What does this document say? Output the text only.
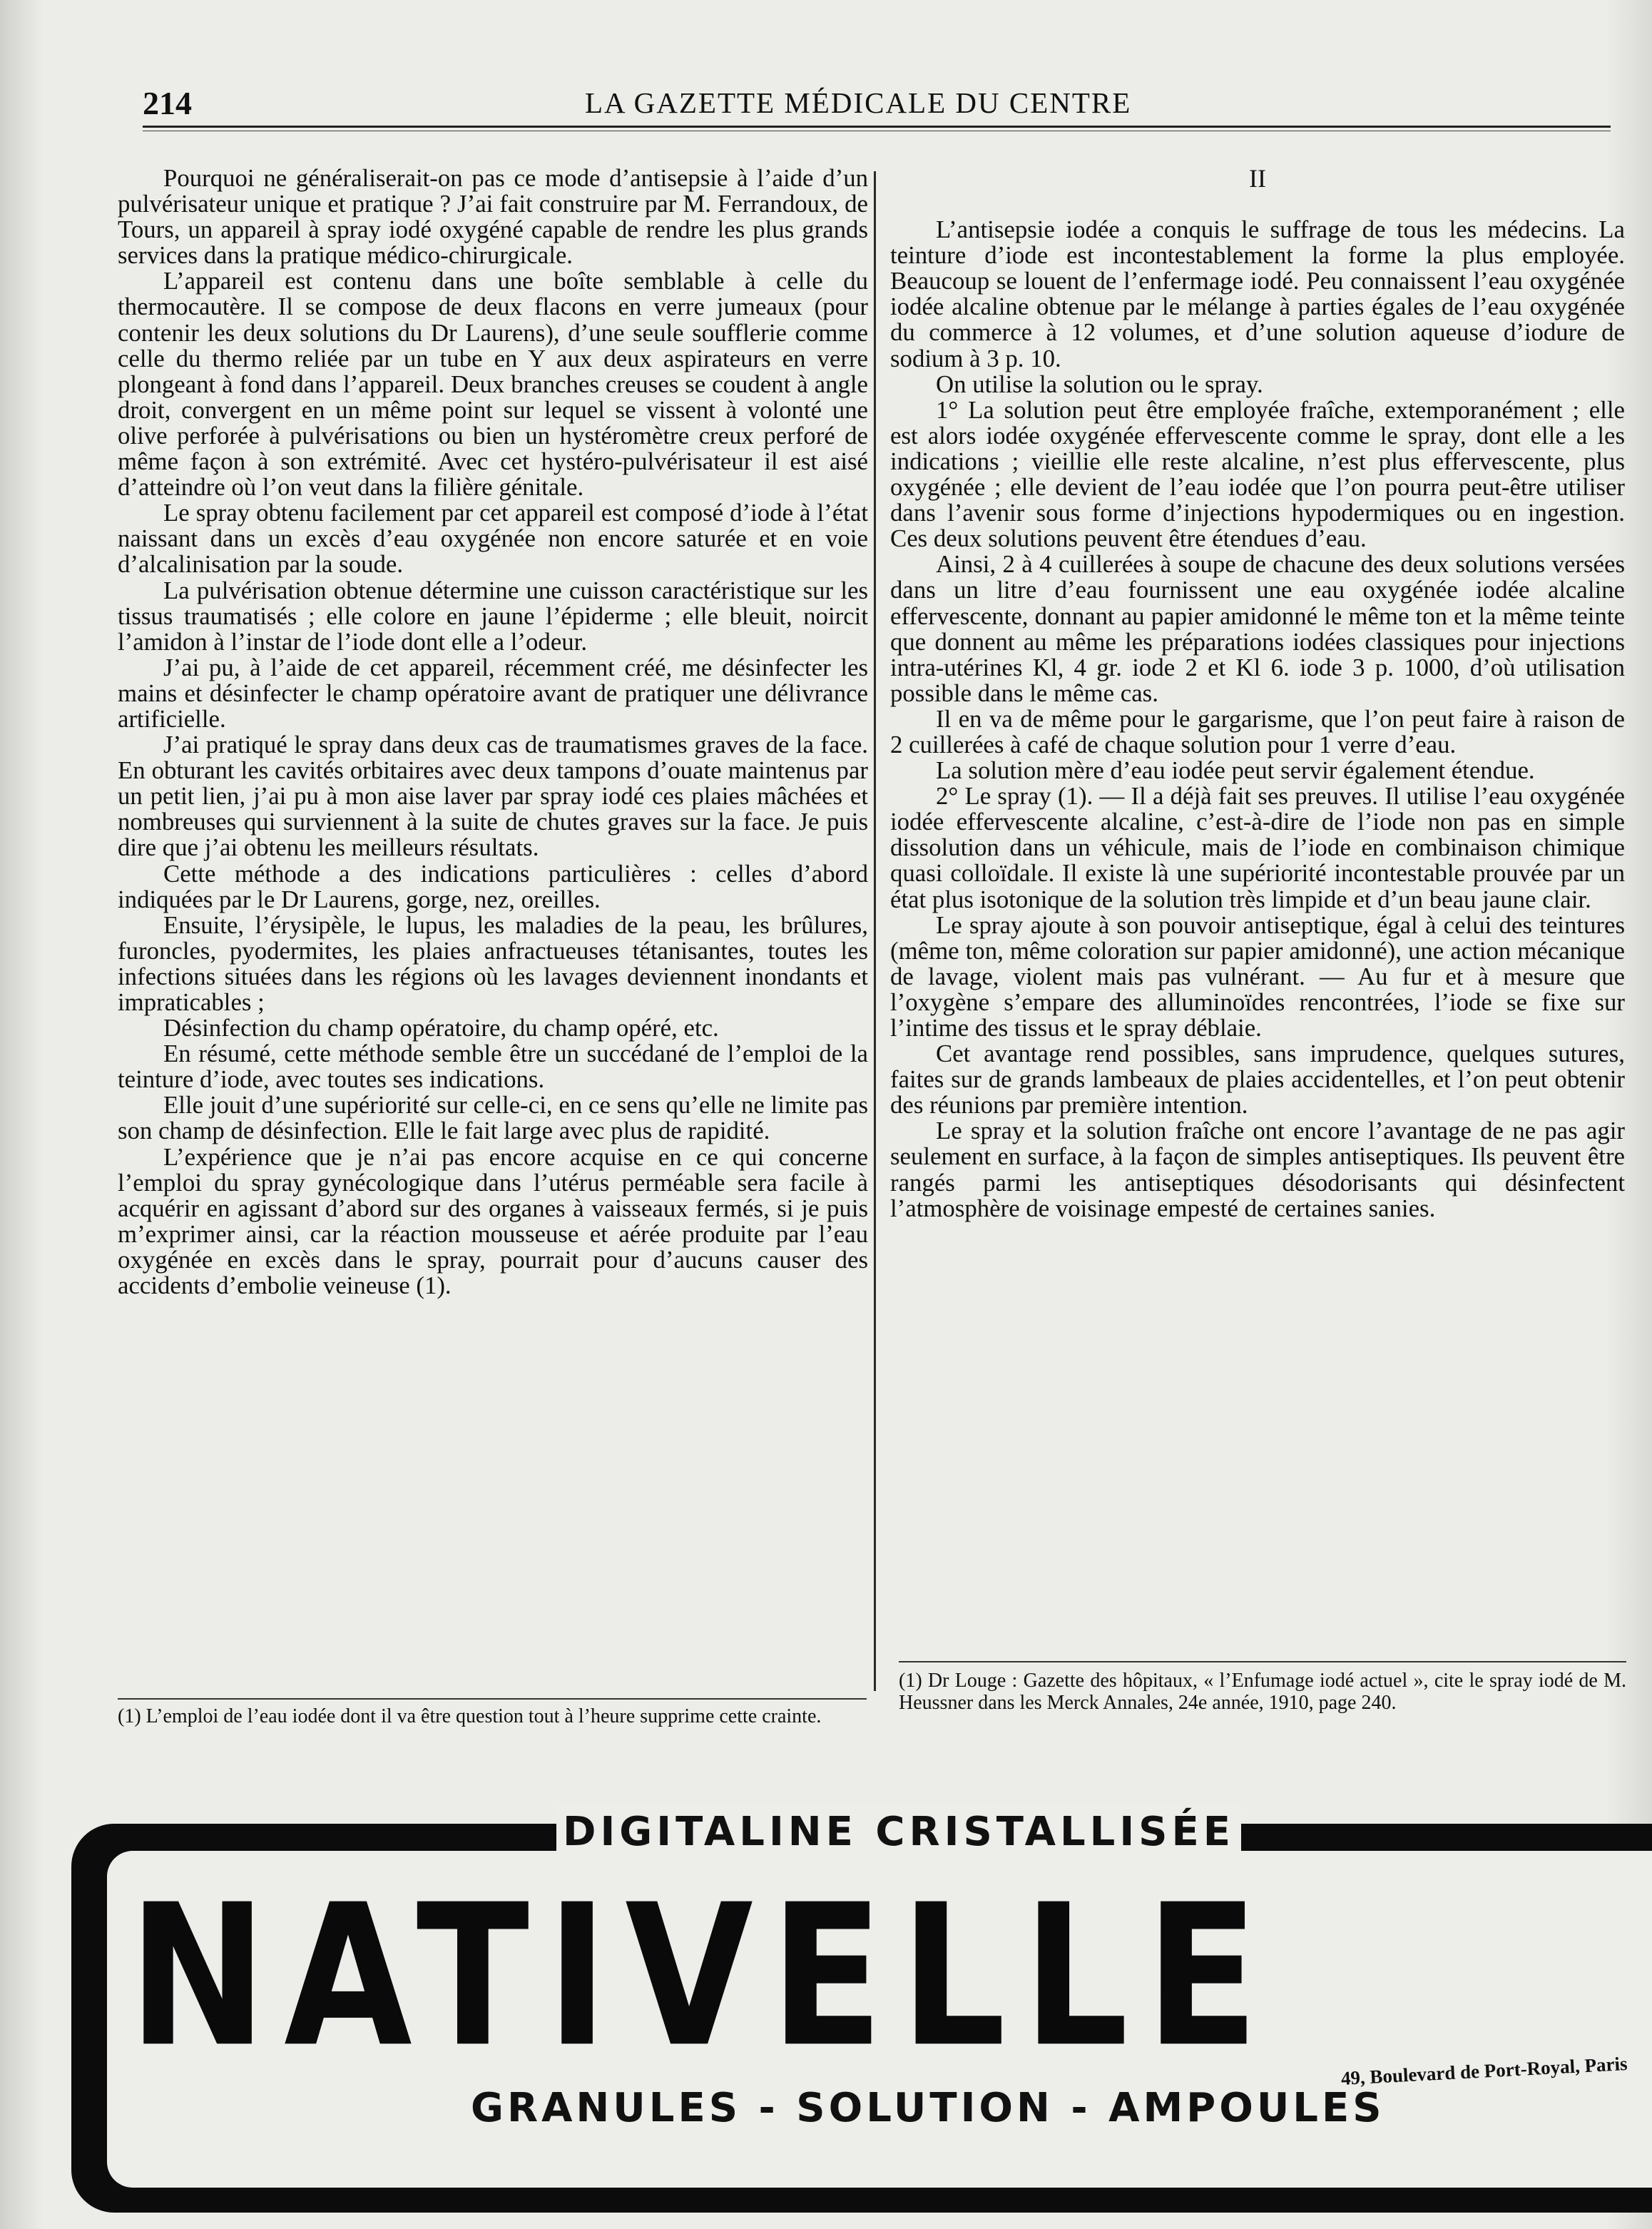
214	LA GAZETTE MÉDICALE DU CENTRE

Pourquoi ne généraliserait-on pas ce mode d’antisepsie à l’aide d’un pulvérisateur unique et pratique ? J’ai fait construire par M. Ferrandoux, de Tours, un appareil à spray iodé oxygéné capable de rendre les plus grands services dans la pratique médico-chirurgicale.

L’appareil est contenu dans une boîte semblable à celle du thermocautère. Il se compose de deux flacons en verre jumeaux (pour contenir les deux solutions du Dr Laurens), d’une seule soufflerie comme celle du thermo reliée par un tube en Y aux deux aspirateurs en verre plongeant à fond dans l’appareil. Deux branches creuses se coudent à angle droit, convergent en un même point sur lequel se vissent à volonté une olive perforée à pulvérisations ou bien un hystéromètre creux perforé de même façon à son extrémité. Avec cet hystéro-pulvérisateur il est aisé d’atteindre où l’on veut dans la filière génitale.

Le spray obtenu facilement par cet appareil est composé d’iode à l’état naissant dans un excès d’eau oxygénée non encore saturée et en voie d’alcalinisation par la soude.

La pulvérisation obtenue détermine une cuisson caractéristique sur les tissus traumatisés ; elle colore en jaune l’épiderme ; elle bleuit, noircit l’amidon à l’instar de l’iode dont elle a l’odeur.

J’ai pu, à l’aide de cet appareil, récemment créé, me désinfecter les mains et désinfecter le champ opératoire avant de pratiquer une délivrance artificielle.

J’ai pratiqué le spray dans deux cas de traumatismes graves de la face. En obturant les cavités orbitaires avec deux tampons d’ouate maintenus par un petit lien, j’ai pu à mon aise laver par spray iodé ces plaies mâchées et nombreuses qui surviennent à la suite de chutes graves sur la face. Je puis dire que j’ai obtenu les meilleurs résultats.

Cette méthode a des indications particulières : celles d’abord indiquées par le Dr Laurens, gorge, nez, oreilles.

Ensuite, l’érysipèle, le lupus, les maladies de la peau, les brûlures, furoncles, pyodermites, les plaies anfractueuses tétanisantes, toutes les infections situées dans les régions où les lavages deviennent inondants et impraticables ;

Désinfection du champ opératoire, du champ opéré, etc.

En résumé, cette méthode semble être un succédané de l’emploi de la teinture d’iode, avec toutes ses indications.

Elle jouit d’une supériorité sur celle-ci, en ce sens qu’elle ne limite pas son champ de désinfection. Elle le fait large avec plus de rapidité.

L’expérience que je n’ai pas encore acquise en ce qui concerne l’emploi du spray gynécologique dans l’utérus perméable sera facile à acquérir en agissant d’abord sur des organes à vaisseaux fermés, si je puis m’exprimer ainsi, car la réaction mousseuse et aérée produite par l’eau oxygénée en excès dans le spray, pourrait pour d’aucuns causer des accidents d’embolie veineuse (1).

II

L’antisepsie iodée a conquis le suffrage de tous les médecins. La teinture d’iode est incontestablement la forme la plus employée. Beaucoup se louent de l’enfermage iodé. Peu connaissent l’eau oxygénée iodée alcaline obtenue par le mélange à parties égales de l’eau oxygénée du commerce à 12 volumes, et d’une solution aqueuse d’iodure de sodium à 3 p. 10.

On utilise la solution ou le spray.

1° La solution peut être employée fraîche, extemporanément ; elle est alors iodée oxygénée effervescente comme le spray, dont elle a les indications ; vieillie elle reste alcaline, n’est plus effervescente, plus oxygénée ; elle devient de l’eau iodée que l’on pourra peut-être utiliser dans l’avenir sous forme d’injections hypodermiques ou en ingestion. Ces deux solutions peuvent être étendues d’eau.

Ainsi, 2 à 4 cuillerées à soupe de chacune des deux solutions versées dans un litre d’eau fournissent une eau oxygénée iodée alcaline effervescente, donnant au papier amidonné le même ton et la même teinte que donnent au même les préparations iodées classiques pour injections intra-utérines Kl, 4 gr. iode 2 et Kl 6. iode 3 p. 1000, d’où utilisation possible dans le même cas.

Il en va de même pour le gargarisme, que l’on peut faire à raison de 2 cuillerées à café de chaque solution pour 1 verre d’eau.

La solution mère d’eau iodée peut servir également étendue.

2° Le spray (1). — Il a déjà fait ses preuves. Il utilise l’eau oxygénée iodée effervescente alcaline, c’est-à-dire de l’iode non pas en simple dissolution dans un véhicule, mais de l’iode en combinaison chimique quasi colloïdale. Il existe là une supériorité incontestable prouvée par un état plus isotonique de la solution très limpide et d’un beau jaune clair.

Le spray ajoute à son pouvoir antiseptique, égal à celui des teintures (même ton, même coloration sur papier amidonné), une action mécanique de lavage, violent mais pas vulnérant. — Au fur et à mesure que l’oxygène s’empare des alluminoïdes rencontrées, l’iode se fixe sur l’intime des tissus et le spray déblaie.

Cet avantage rend possibles, sans imprudence, quelques sutures, faites sur de grands lambeaux de plaies accidentelles, et l’on peut obtenir des réunions par première intention.

Le spray et la solution fraîche ont encore l’avantage de ne pas agir seulement en surface, à la façon de simples antiseptiques. Ils peuvent être rangés parmi les antiseptiques désodorisants qui désinfectent l’atmosphère de voisinage empesté de certaines sanies.

(1) L’emploi de l’eau iodée dont il va être question tout à l’heure supprime cette crainte.
(1) Dr Louge : Gazette des hôpitaux, « l’Enfumage iodé actuel », cite le spray iodé de M. Heussner dans les Merck Annales, 24e année, 1910, page 240.
DIGITALINE CRISTALLISÉE
NATIVELLE
GRANULES - SOLUTION - AMPOULES
49, Boulevard de Port-Royal, Paris
